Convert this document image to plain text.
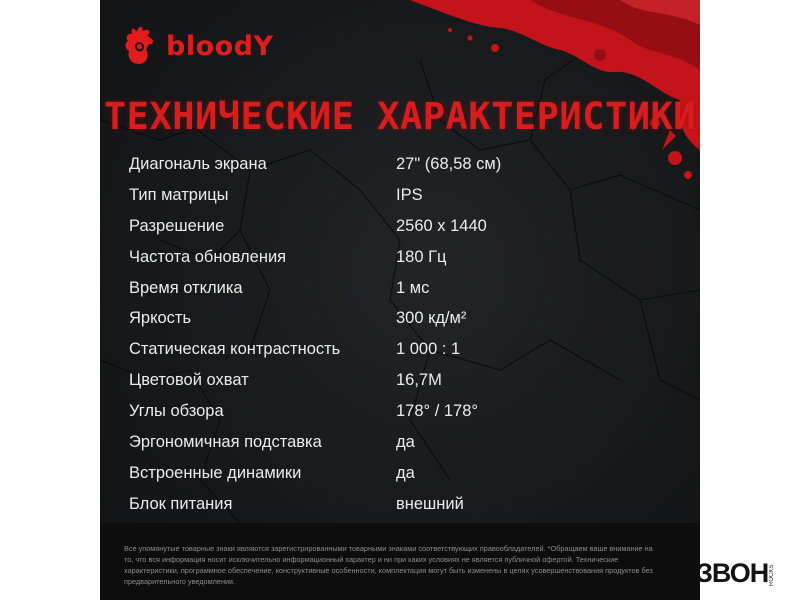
bloodY
ТЕХНИЧЕСКИЕ ХАРАКТЕРИСТИКИ
Диагональ экрана	27" (68,58 см)
Тип матрицы	IPS
Разрешение	2560 x 1440
Частота обновления	180 Гц
Время отклика	1 мс
Яркость	300 кд/м²
Статическая контрастность	1 000 : 1
Цветовой охват	16,7M
Углы обзора	178° / 178°
Эргономичная подставка	да
Встроенные динамики	да
Блок питания	внешний
Все упомянутые товарные знаки являются зарегистрированными товарными знаками соответствующих правообладателей. *Обращаем ваше внимание на то, что вся информация носит исключительно информационный характер и ни при каких условиях не является публичной офертой. Технические характеристики, программное обеспечение, конструктивные особенности, комплектация могут быть изменены в целях усовершенствования продуктов без предварительного уведомления.	ЗВОН ROCKS
